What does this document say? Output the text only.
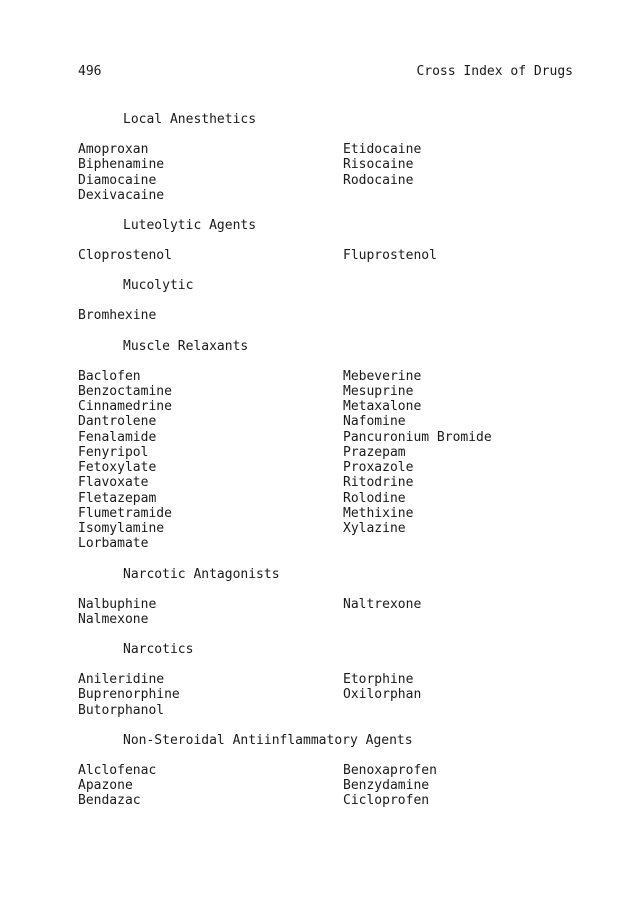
496	Cross Index of Drugs
Local Anesthetics
Amoproxan
Biphenamine
Diamocaine
Dexivacaine
Etidocaine
Risocaine
Rodocaine
Luteolytic Agents
Cloprostenol	Fluprostenol
Mucolytic
Bromhexine
Muscle Relaxants
Baclofen
Benzoctamine
Cinnamedrine
Dantrolene
Fenalamide
Fenyripol
Fetoxylate
Flavoxate
Fletazepam
Flumetramide
Isomylamine
Lorbamate
Mebeverine
Mesuprine
Metaxalone
Nafomine
Pancuronium Bromide
Prazepam
Proxazole
Ritodrine
Rolodine
Methixine
Xylazine
Narcotic Antagonists
Nalbuphine
Nalmexone
Naltrexone
Narcotics
Anileridine
Buprenorphine
Butorphanol
Etorphine
Oxilorphan
Non-Steroidal Antiinflammatory Agents
Alclofenac
Apazone
Bendazac
Benoxaprofen
Benzydamine
Cicloprofen
